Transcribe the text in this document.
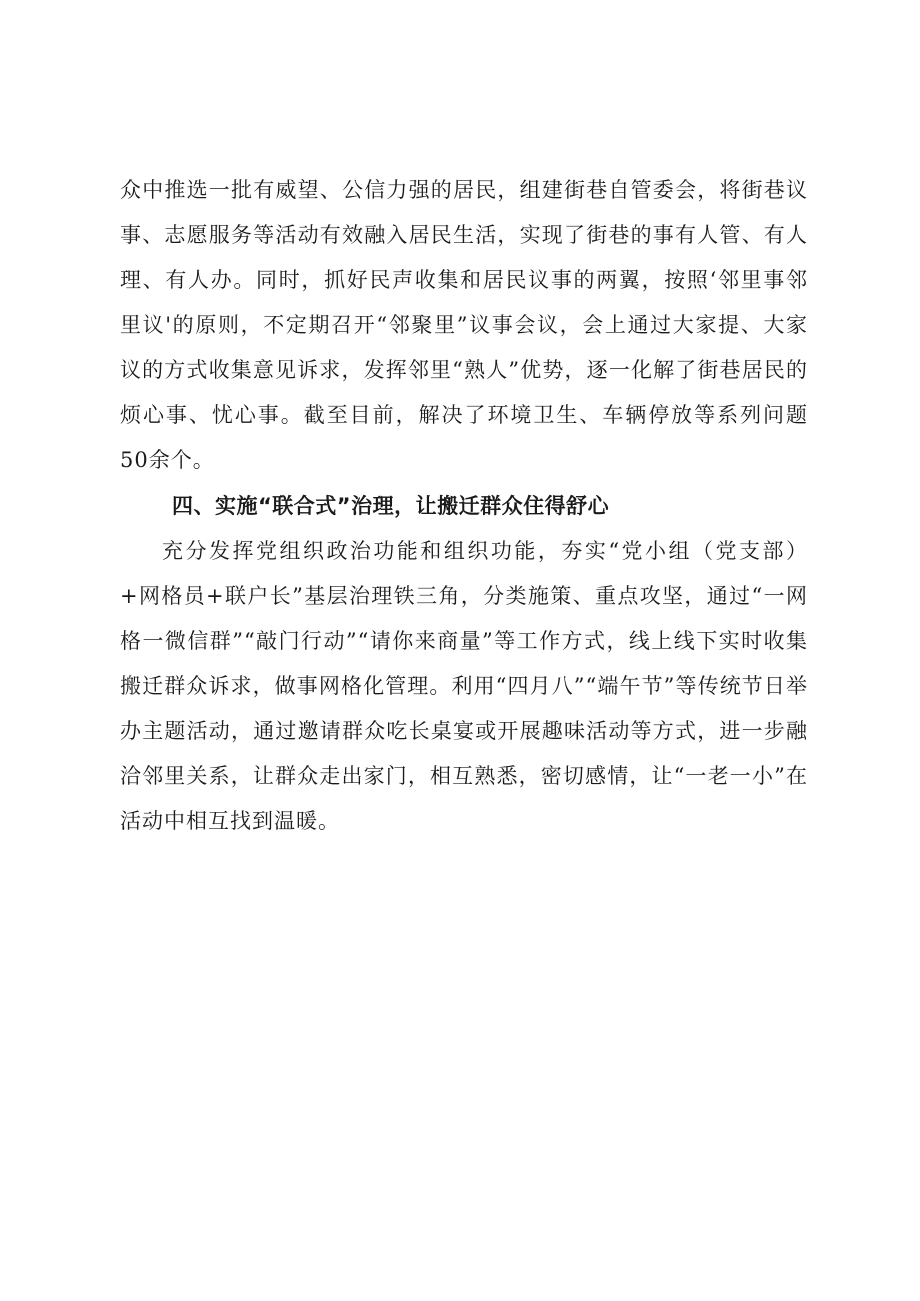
众中推选一批有威望、公信力强的居民，组建街巷自管委会，将街巷议事、志愿服务等活动有效融入居民生活，实现了街巷的事有人管、有人理、有人办。同时，抓好民声收集和居民议事的两翼，按照‘邻里事邻里议'的原则，不定期召开“邻聚里”议事会议，会上通过大家提、大家议的方式收集意见诉求，发挥邻里“熟人”优势，逐一化解了街巷居民的烦心事、忧心事。截至目前，解决了环境卫生、车辆停放等系列问题50余个。

四、实施“联合式”治理，让搬迁群众住得舒心

充分发挥党组织政治功能和组织功能，夯实“党小组（党支部）+网格员+联户长”基层治理铁三角，分类施策、重点攻坚，通过“一网格一微信群”“敲门行动”“请你来商量”等工作方式，线上线下实时收集搬迁群众诉求，做事网格化管理。利用“四月八”“端午节”等传统节日举办主题活动，通过邀请群众吃长桌宴或开展趣味活动等方式，进一步融洽邻里关系，让群众走出家门，相互熟悉，密切感情，让“一老一小”在活动中相互找到温暖。
